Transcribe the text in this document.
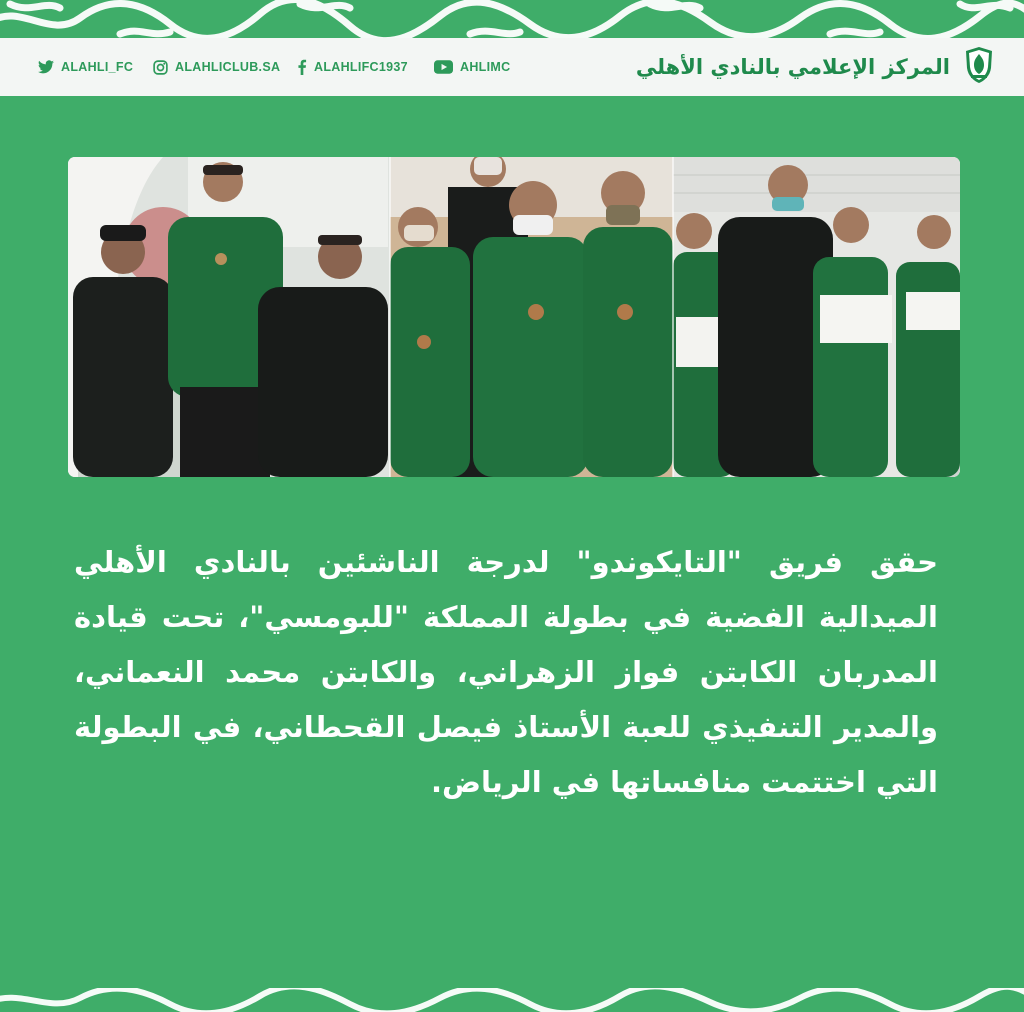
ALAHLI_FC	ALAHLICLUB.SA	ALAHLIFC1937	AHLIMC	المركز الإعلامي بالنادي الأهلي

حقق فريق "التايكوندو" لدرجة الناشئين بالنادي الأهلي الميدالية الفضية في بطولة المملكة "للبومسي"، تحت قيادة المدربان الكابتن فواز الزهراني، والكابتن محمد النعماني، والمدير التنفيذي للعبة الأستاذ فيصل القحطاني، في البطولة التي اختتمت منافساتها في الرياض.
